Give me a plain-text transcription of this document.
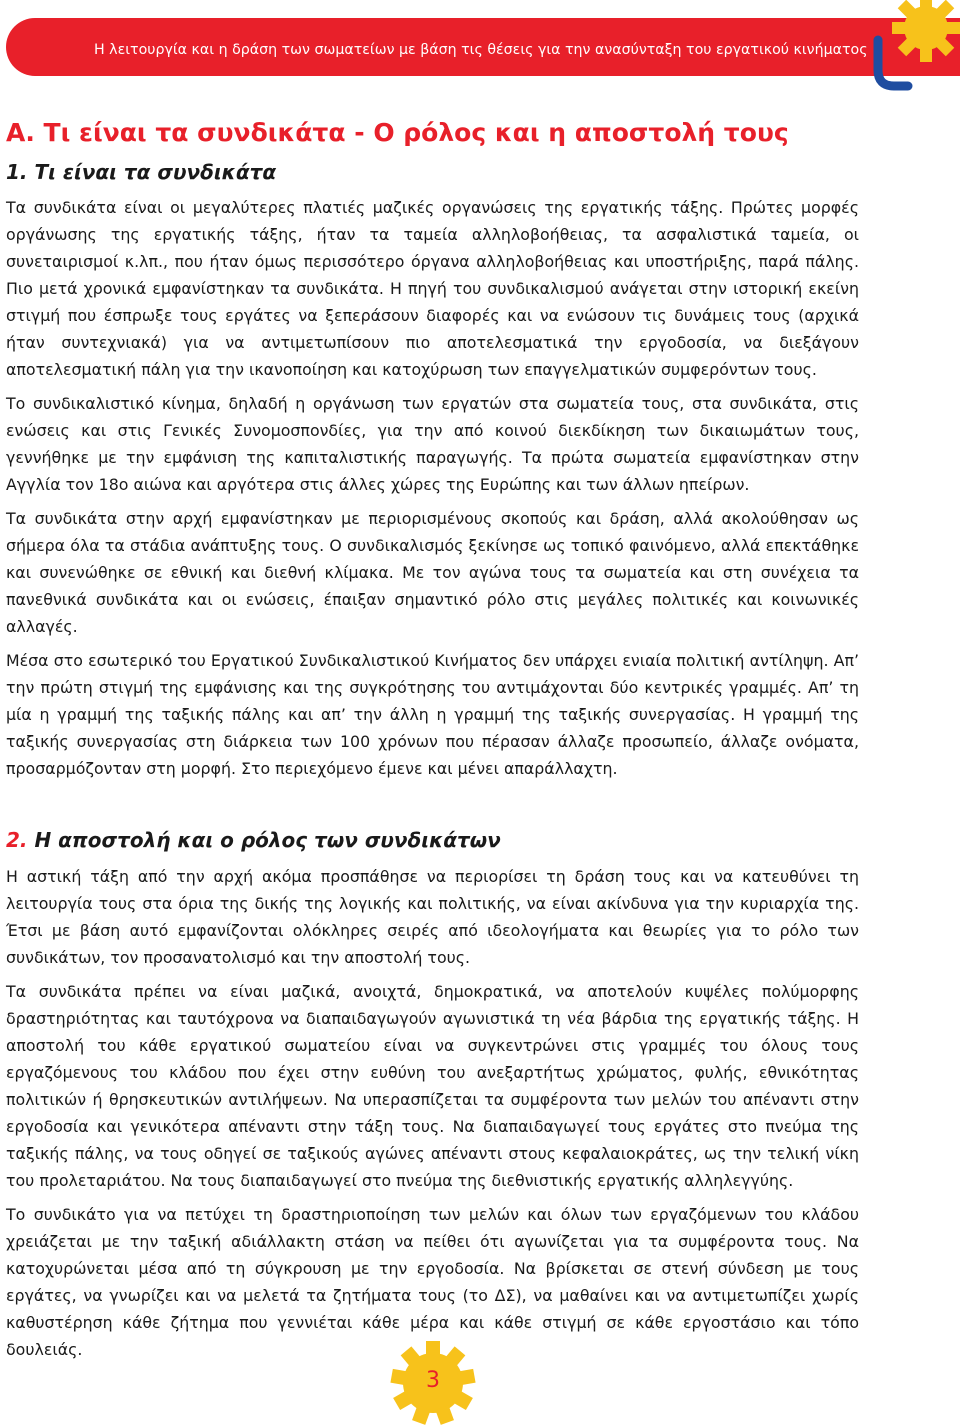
Η λειτουργία και η δράση των σωματείων με βάση τις θέσεις για την ανασύνταξη του εργατικού κινήματος
Α. Τι είναι τα συνδικάτα - Ο ρόλος και η αποστολή τους
1. Τι είναι τα συνδικάτα

Τα συνδικάτα είναι οι μεγαλύτερες πλατιές μαζικές οργανώσεις της εργατικής τάξης. Πρώτες μορφές οργάνωσης της εργατικής τάξης, ήταν τα ταμεία αλληλοβοήθειας, τα ασφαλιστικά ταμεία, οι συνεταιρισμοί κ.λπ., που ήταν όμως περισσότερο όργανα αλληλοβοήθειας και υποστήριξης, παρά πάλης. Πιο μετά χρονικά εμφανίστηκαν τα συνδικάτα. Η πηγή του συνδικαλισμού ανάγεται στην ιστορική εκείνη στιγμή που έσπρωξε τους εργάτες να ξεπεράσουν διαφορές και να ενώσουν τις δυνάμεις τους (αρχικά ήταν συντεχνιακά) για να αντιμετωπίσουν πιο αποτελεσματικά την εργοδοσία, να διεξάγουν αποτελεσματική πάλη για την ικανοποίηση και κατοχύρωση των επαγγελματικών συμφερόντων τους.

Το συνδικαλιστικό κίνημα, δηλαδή η οργάνωση των εργατών στα σωματεία τους, στα συνδικάτα, στις ενώσεις και στις Γενικές Συνομοσπονδίες, για την από κοινού διεκδίκηση των δικαιωμάτων τους, γεννήθηκε με την εμφάνιση της καπιταλιστικής παραγωγής. Τα πρώτα σωματεία εμφανίστηκαν στην Αγγλία τον 18ο αιώνα και αργότερα στις άλλες χώρες της Ευρώπης και των άλλων ηπείρων.

Τα συνδικάτα στην αρχή εμφανίστηκαν με περιορισμένους σκοπούς και δράση, αλλά ακολούθησαν ως σήμερα όλα τα στάδια ανάπτυξης τους. Ο συνδικαλισμός ξεκίνησε ως τοπικό φαινόμενο, αλλά επεκτάθηκε και συνενώθηκε σε εθνική και διεθνή κλίμακα. Με τον αγώνα τους τα σωματεία και στη συνέχεια τα πανεθνικά συνδικάτα και οι ενώσεις, έπαιξαν σημαντικό ρόλο στις μεγάλες πολιτικές και κοινωνικές αλλαγές.

Μέσα στο εσωτερικό του Εργατικού Συνδικαλιστικού Κινήματος δεν υπάρχει ενιαία πολιτική αντίληψη. Απ’ την πρώτη στιγμή της εμφάνισης και της συγκρότησης του αντιμάχονται δύο κεντρικές γραμμές. Απ’ τη μία η γραμμή της ταξικής πάλης και απ’ την άλλη η γραμμή της ταξικής συνεργασίας. Η γραμμή της ταξικής συνεργασίας στη διάρκεια των 100 χρόνων που πέρασαν άλλαζε προσωπείο, άλλαζε ονόματα, προσαρμόζονταν στη μορφή. Στο περιεχόμενο έμενε και μένει απαράλλαχτη.

2. Η αποστολή και ο ρόλος των συνδικάτων

Η αστική τάξη από την αρχή ακόμα προσπάθησε να περιορίσει τη δράση τους και να κατευθύνει τη λειτουργία τους στα όρια της δικής της λογικής και πολιτικής, να είναι ακίνδυνα για την κυριαρχία της. Έτσι με βάση αυτό εμφανίζονται ολόκληρες σειρές από ιδεολογήματα και θεωρίες για το ρόλο των συνδικάτων, τον προσανατολισμό και την αποστολή τους.

Τα συνδικάτα πρέπει να είναι μαζικά, ανοιχτά, δημοκρατικά, να αποτελούν κυψέλες πολύμορφης δραστηριότητας και ταυτόχρονα να διαπαιδαγωγούν αγωνιστικά τη νέα βάρδια της εργατικής τάξης. Η αποστολή του κάθε εργατικού σωματείου είναι να συγκεντρώνει στις γραμμές του όλους τους εργαζόμενους του κλάδου που έχει στην ευθύνη του ανεξαρτήτως χρώματος, φυλής, εθνικότητας πολιτικών ή θρησκευτικών αντιλήψεων. Να υπερασπίζεται τα συμφέροντα των μελών του απέναντι στην εργοδοσία και γενικότερα απέναντι στην τάξη τους. Να διαπαιδαγωγεί τους εργάτες στο πνεύμα της ταξικής πάλης, να τους οδηγεί σε ταξικούς αγώνες απέναντι στους κεφαλαιοκράτες, ως την τελική νίκη του προλεταριάτου. Να τους διαπαιδαγωγεί στο πνεύμα της διεθνιστικής εργατικής αλληλεγγύης.

Το συνδικάτο για να πετύχει τη δραστηριοποίηση των μελών και όλων των εργαζόμενων του κλάδου χρειάζεται με την ταξική αδιάλλακτη στάση να πείθει ότι αγωνίζεται για τα συμφέροντα τους. Να κατοχυρώνεται μέσα από τη σύγκρουση με την εργοδοσία. Να βρίσκεται σε στενή σύνδεση με τους εργάτες, να γνωρίζει και να μελετά τα ζητήματα τους (το ΔΣ), να μαθαίνει και να αντιμετωπίζει χωρίς καθυστέρηση κάθε ζήτημα που γεννιέται κάθε μέρα και κάθε στιγμή σε κάθε εργοστάσιο και τόπο δουλειάς.

3
